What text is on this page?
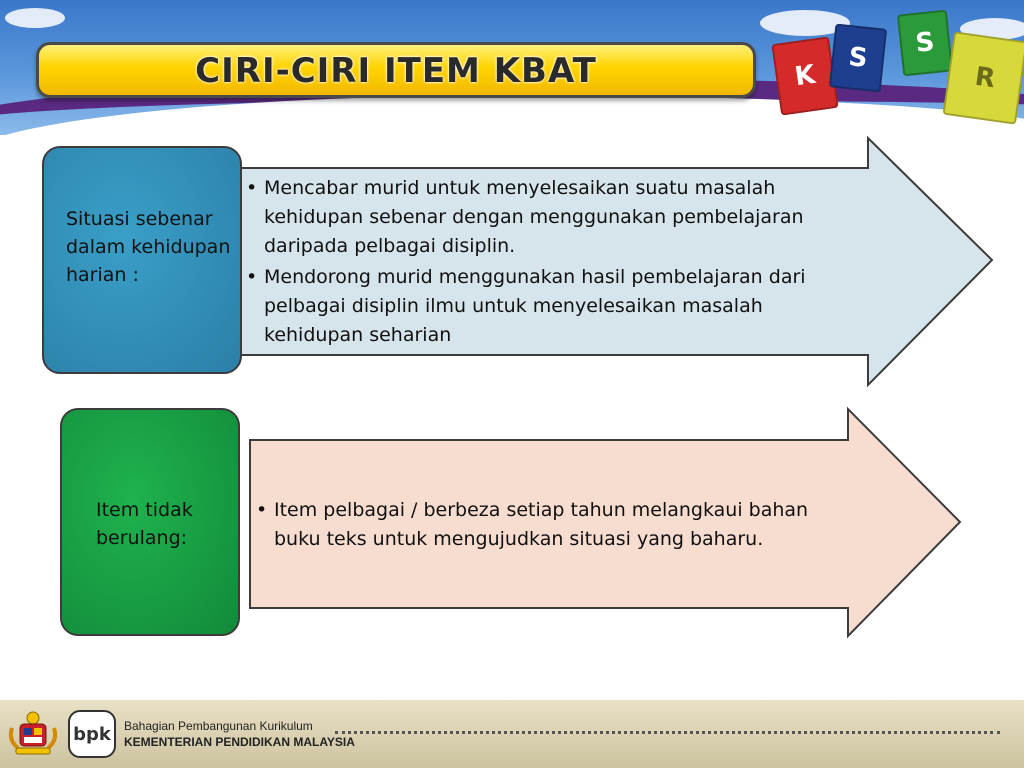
K
S S
R
CIRI-CIRI ITEM KBAT
Situasi sebenar dalam kehidupan harian :
• Mencabar murid untuk menyelesaikan suatu masalah kehidupan sebenar dengan menggunakan pembelajaran daripada pelbagai disiplin.
• Mendorong murid menggunakan hasil pembelajaran dari pelbagai disiplin ilmu untuk menyelesaikan masalah kehidupan seharian
Item tidak berulang:
• Item pelbagai / berbeza setiap tahun melangkaui bahan buku teks untuk mengujudkan situasi yang baharu.
bpk Bahagian Pembangunan Kurikulum
KEMENTERIAN PENDIDIKAN MALAYSIA
